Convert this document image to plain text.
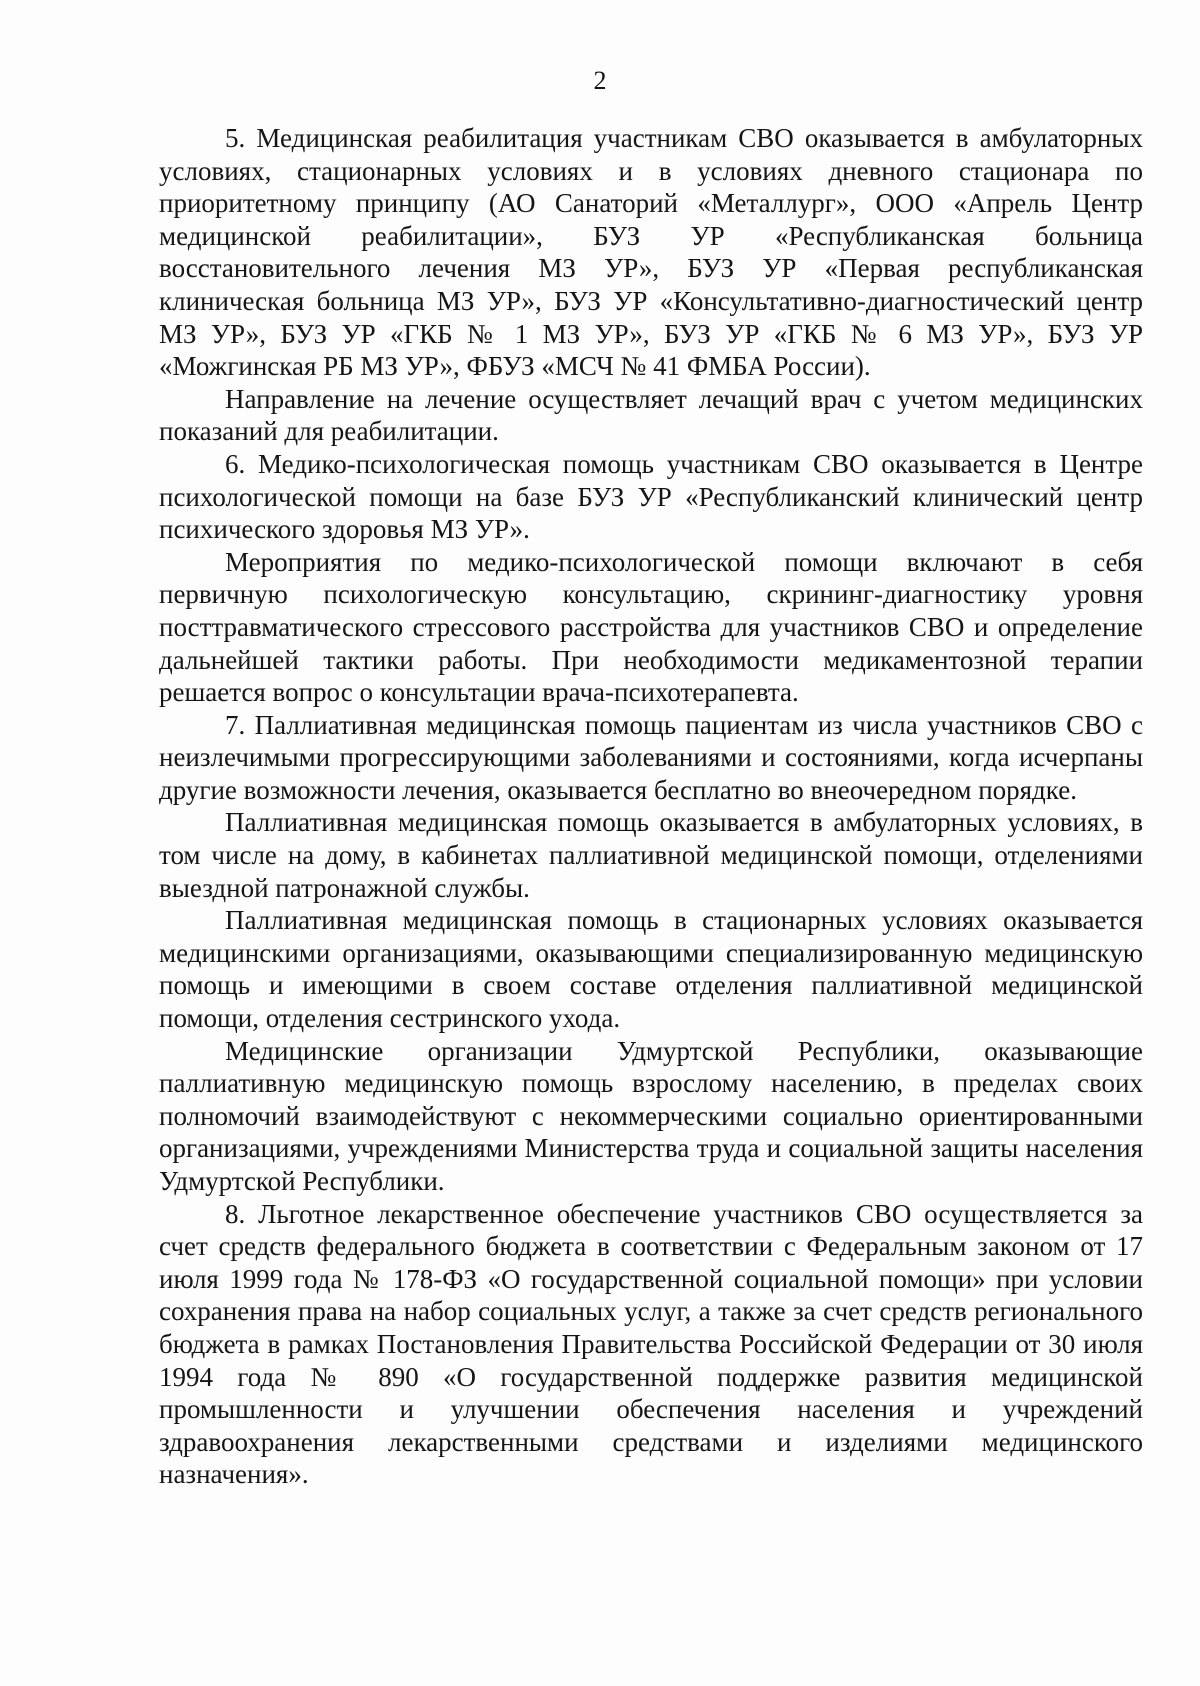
2

5. Медицинская реабилитация участникам СВО оказывается в амбулаторных условиях, стационарных условиях и в условиях дневного стационара по приоритетному принципу (АО Санаторий «Металлург», ООО «Апрель Центр медицинской реабилитации», БУЗ УР «Республиканская больница восстановительного лечения МЗ УР», БУЗ УР «Первая республиканская клиническая больница МЗ УР», БУЗ УР «Консультативно-диагностический центр МЗ УР», БУЗ УР «ГКБ № 1 МЗ УР», БУЗ УР «ГКБ № 6 МЗ УР», БУЗ УР «Можгинская РБ МЗ УР», ФБУЗ «МСЧ № 41 ФМБА России).

Направление на лечение осуществляет лечащий врач с учетом медицинских показаний для реабилитации.

6. Медико-психологическая помощь участникам СВО оказывается в Центре психологической помощи на базе БУЗ УР «Республиканский клинический центр психического здоровья МЗ УР».

Мероприятия по медико-психологической помощи включают в себя первичную психологическую консультацию, скрининг-диагностику уровня посттравматического стрессового расстройства для участников СВО и определение дальнейшей тактики работы. При необходимости медикаментозной терапии решается вопрос о консультации врача-психотерапевта.

7. Паллиативная медицинская помощь пациентам из числа участников СВО с неизлечимыми прогрессирующими заболеваниями и состояниями, когда исчерпаны другие возможности лечения, оказывается бесплатно во внеочередном порядке.

Паллиативная медицинская помощь оказывается в амбулаторных условиях, в том числе на дому, в кабинетах паллиативной медицинской помощи, отделениями выездной патронажной службы.

Паллиативная медицинская помощь в стационарных условиях оказывается медицинскими организациями, оказывающими специализированную медицинскую помощь и имеющими в своем составе отделения паллиативной медицинской помощи, отделения сестринского ухода.

Медицинские организации Удмуртской Республики, оказывающие паллиативную медицинскую помощь взрослому населению, в пределах своих полномочий взаимодействуют с некоммерческими социально ориентированными организациями, учреждениями Министерства труда и социальной защиты населения Удмуртской Республики.

8. Льготное лекарственное обеспечение участников СВО осуществляется за счет средств федерального бюджета в соответствии с Федеральным законом от 17 июля 1999 года № 178-ФЗ «О государственной социальной помощи» при условии сохранения права на набор социальных услуг, а также за счет средств регионального бюджета в рамках Постановления Правительства Российской Федерации от 30 июля 1994 года № 890 «О государственной поддержке развития медицинской промышленности и улучшении обеспечения населения и учреждений здравоохранения лекарственными средствами и изделиями медицинского назначения».
